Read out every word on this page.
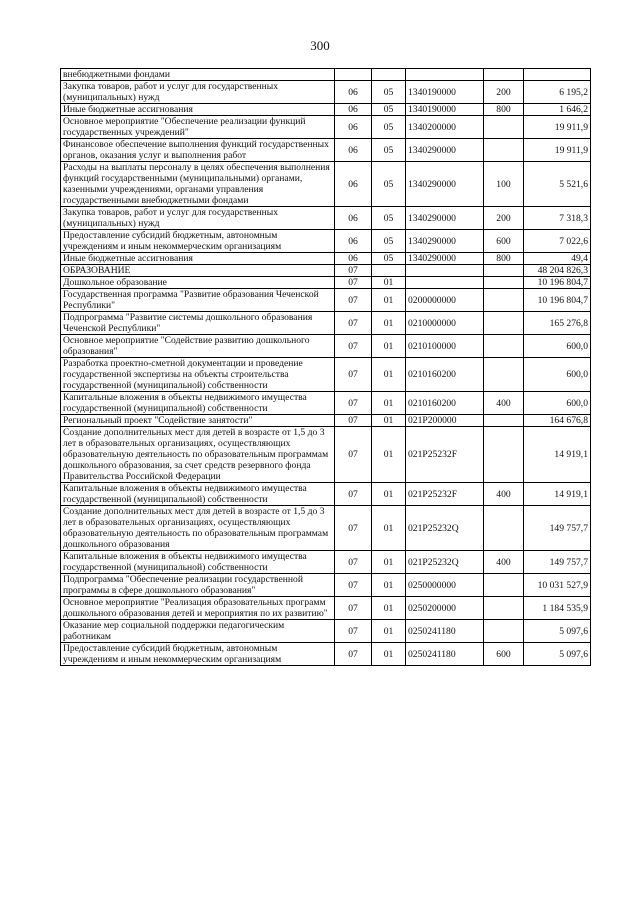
300
внебюджетными фондами					
Закупка товаров, работ и услуг для государственных (муниципальных) нужд	06	05	1340190000	200	6 195,2
Иные бюджетные ассигнования	06	05	1340190000	800	1 646,2
Основное мероприятие "Обеспечение реализации функций государственных учреждений"	06	05	1340200000		19 911,9
Финансовое обеспечение выполнения функций государственных органов, оказания услуг и выполнения работ	06	05	1340290000		19 911,9
Расходы на выплаты персоналу в целях обеспечения выполнения функций государственными (муниципальными) органами, казенными учреждениями, органами управления государственными внебюджетными фондами	06	05	1340290000	100	5 521,6
Закупка товаров, работ и услуг для государственных (муниципальных) нужд	06	05	1340290000	200	7 318,3
Предоставление субсидий бюджетным, автономным учреждениям и иным некоммерческим организациям	06	05	1340290000	600	7 022,6
Иные бюджетные ассигнования	06	05	1340290000	800	49,4
ОБРАЗОВАНИЕ	07				48 204 826,3
Дошкольное образование	07	01			10 196 804,7
Государственная программа "Развитие образования Чеченской Республики"	07	01	0200000000		10 196 804,7
Подпрограмма "Развитие системы дошкольного образования Чеченской Республики"	07	01	0210000000		165 276,8
Основное мероприятие "Содействие развитию дошкольного образования"	07	01	0210100000		600,0
Разработка проектно-сметной документации и проведение государственной экспертизы на объекты строительства государственной (муниципальной) собственности	07	01	0210160200		600,0
Капитальные вложения в объекты недвижимого имущества государственной (муниципальной) собственности	07	01	0210160200	400	600,0
Региональный проект "Содействие занятости"	07	01	021P200000		164 676,8
Создание дополнительных мест для детей в возрасте от 1,5 до 3 лет в образовательных организациях, осуществляющих образовательную деятельность по образовательным программам дошкольного образования, за счет средств резервного фонда Правительства Российской Федерации	07	01	021P25232F		14 919,1
Капитальные вложения в объекты недвижимого имущества государственной (муниципальной) собственности	07	01	021P25232F	400	14 919,1
Создание дополнительных мест для детей в возрасте от 1,5 до 3 лет в образовательных организациях, осуществляющих образовательную деятельность по образовательным программам дошкольного образования	07	01	021P25232Q		149 757,7
Капитальные вложения в объекты недвижимого имущества государственной (муниципальной) собственности	07	01	021P25232Q	400	149 757,7
Подпрограмма "Обеспечение реализации государственной программы в сфере дошкольного образования"	07	01	0250000000		10 031 527,9
Основное мероприятие "Реализация образовательных программ дошкольного образования детей и мероприятия по их развитию"	07	01	0250200000		1 184 535,9
Оказание мер социальной поддержки педагогическим работникам	07	01	0250241180		5 097,6
Предоставление субсидий бюджетным, автономным учреждениям и иным некоммерческим организациям	07	01	0250241180	600	5 097,6
